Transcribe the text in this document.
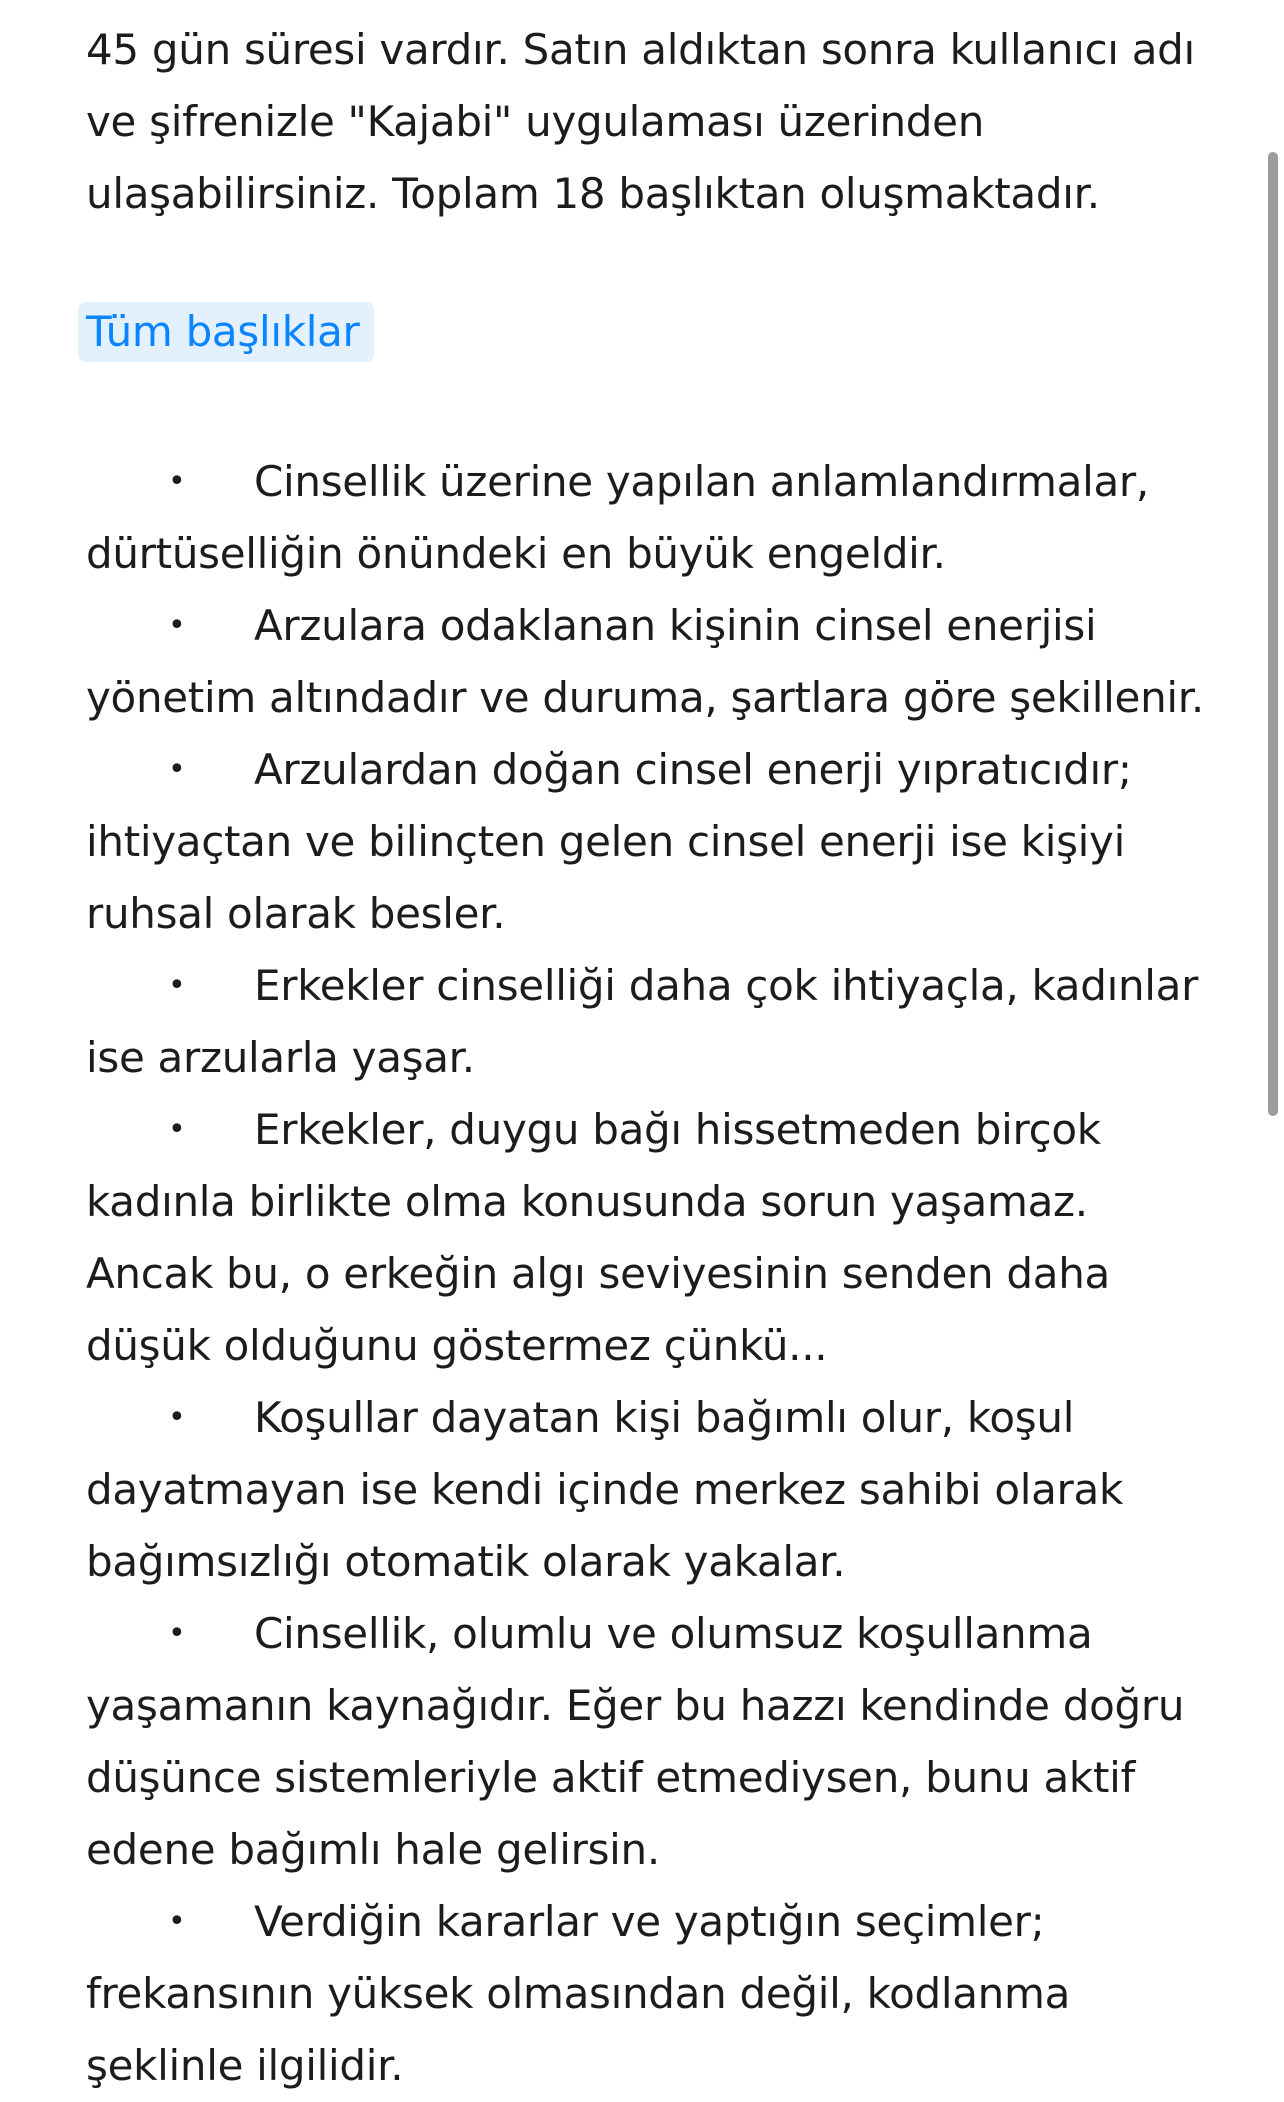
45 gün süresi vardır. Satın aldıktan sonra kullanıcı adı
ve şifrenizle "Kajabi" uygulaması üzerinden
ulaşabilirsiniz. Toplam 18 başlıktan oluşmaktadır.

Tüm başlıklar
• Cinsellik üzerine yapılan anlamlandırmalar,
dürtüselliğin önündeki en büyük engeldir.
• Arzulara odaklanan kişinin cinsel enerjisi
yönetim altındadır ve duruma, şartlara göre şekillenir.
• Arzulardan doğan cinsel enerji yıpratıcıdır;
ihtiyaçtan ve bilinçten gelen cinsel enerji ise kişiyi
ruhsal olarak besler.
• Erkekler cinselliği daha çok ihtiyaçla, kadınlar
ise arzularla yaşar.
• Erkekler, duygu bağı hissetmeden birçok
kadınla birlikte olma konusunda sorun yaşamaz.
Ancak bu, o erkeğin algı seviyesinin senden daha
düşük olduğunu göstermez çünkü...
• Koşullar dayatan kişi bağımlı olur, koşul
dayatmayan ise kendi içinde merkez sahibi olarak
bağımsızlığı otomatik olarak yakalar.
• Cinsellik, olumlu ve olumsuz koşullanma
yaşamanın kaynağıdır. Eğer bu hazzı kendinde doğru
düşünce sistemleriyle aktif etmediysen, bunu aktif
edene bağımlı hale gelirsin.
• Verdiğin kararlar ve yaptığın seçimler;
frekansının yüksek olmasından değil, kodlanma
şeklinle ilgilidir.
